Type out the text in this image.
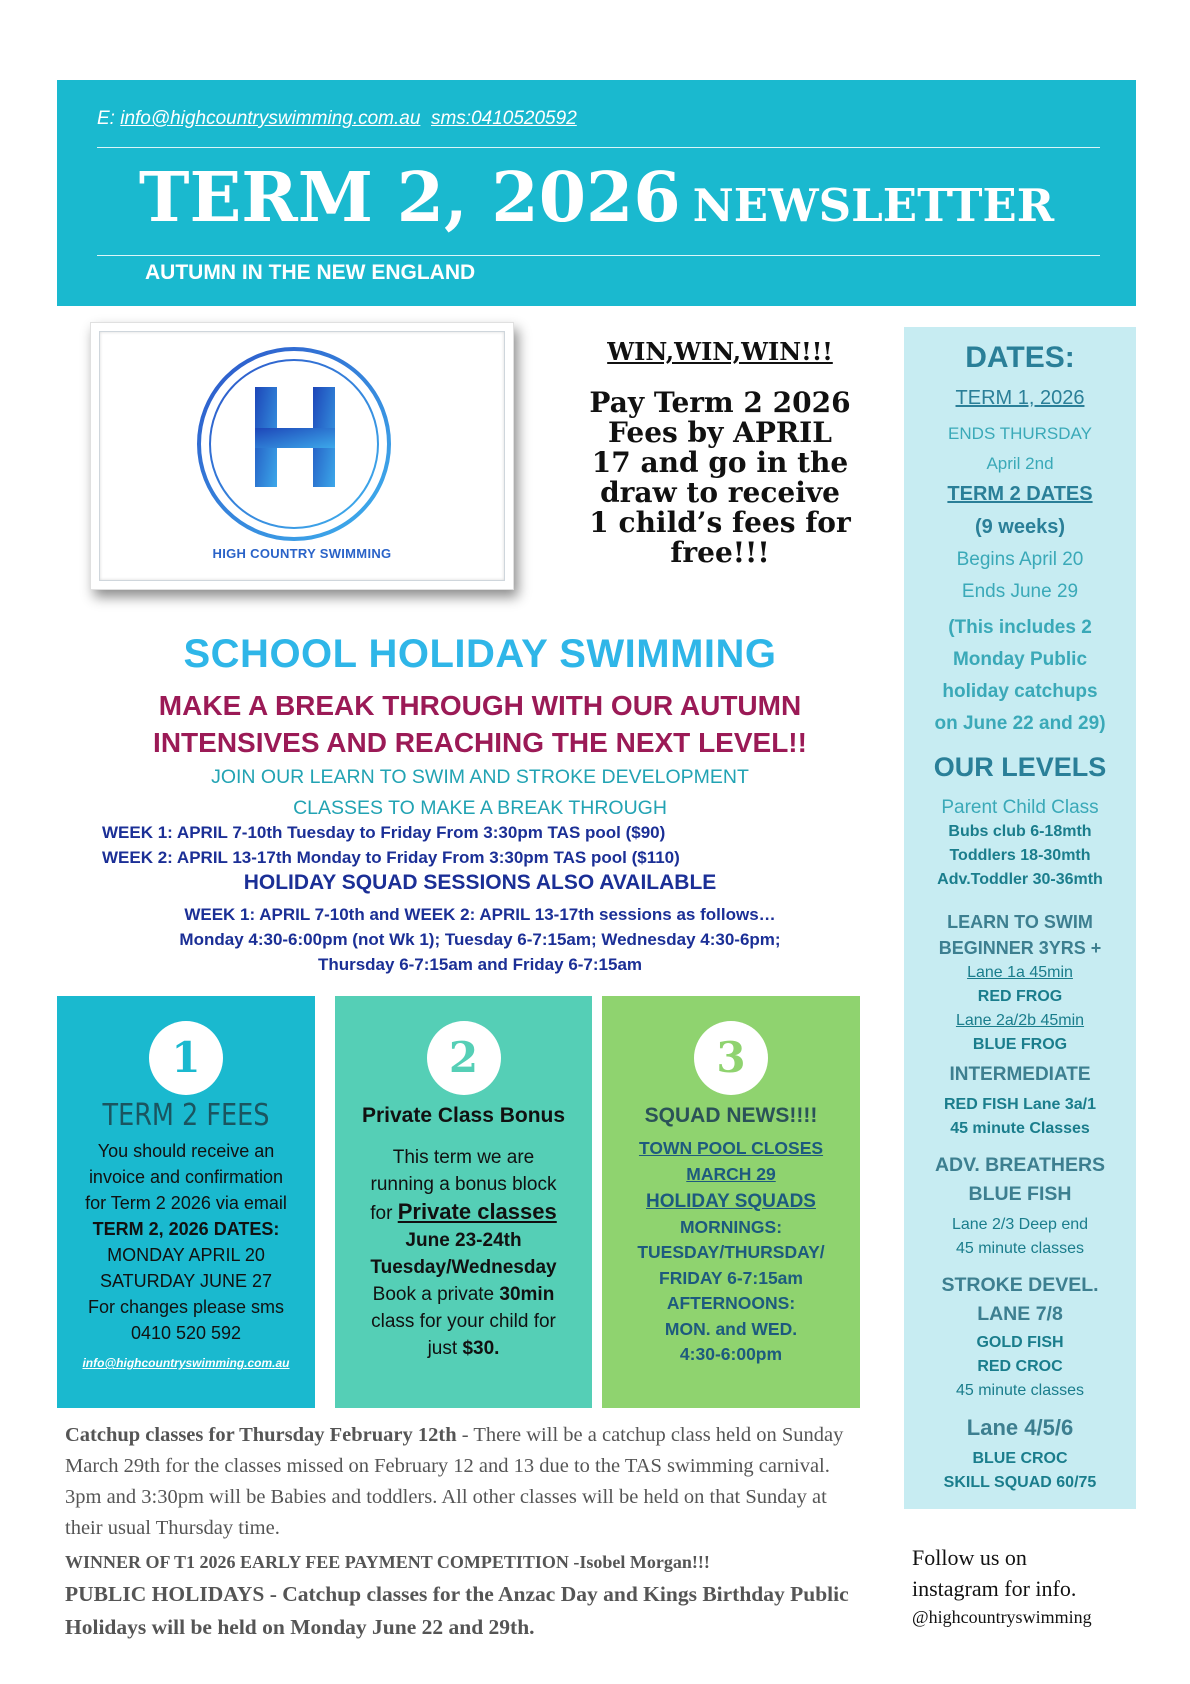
E: info@highcountryswimming.com.au sms:0410520592
TERM 2, 2026 NEWSLETTER
AUTUMN IN THE NEW ENGLAND
HIGH COUNTRY SWIMMING
WIN,WIN,WIN!!!
Pay Term 2 2026
Fees by APRIL
17 and go in the
draw to receive
1 child’s fees for
free!!!
SCHOOL HOLIDAY SWIMMING
MAKE A BREAK THROUGH WITH OUR AUTUMN
INTENSIVES AND REACHING THE NEXT LEVEL!!
JOIN OUR LEARN TO SWIM AND STROKE DEVELOPMENT
CLASSES TO MAKE A BREAK THROUGH
WEEK 1: APRIL 7-10th Tuesday to Friday From 3:30pm TAS pool ($90)
WEEK 2: APRIL 13-17th Monday to Friday From 3:30pm TAS pool ($110)
HOLIDAY SQUAD SESSIONS ALSO AVAILABLE
WEEK 1: APRIL 7-10th and WEEK 2: APRIL 13-17th sessions as follows…
Monday 4:30-6:00pm (not Wk 1); Tuesday 6-7:15am; Wednesday 4:30-6pm;
Thursday 6-7:15am and Friday 6-7:15am
1
TERM 2 FEES
You should receive an
invoice and confirmation
for Term 2 2026 via email
TERM 2, 2026 DATES:
MONDAY APRIL 20
SATURDAY JUNE 27
For changes please sms
0410 520 592
info@highcountryswimming.com.au
2
Private Class Bonus
This term we are
running a bonus block
for Private classes
June 23-24th
Tuesday/Wednesday
Book a private 30min
class for your child for
just $30.
3
SQUAD NEWS!!!!
TOWN POOL CLOSES
MARCH 29
HOLIDAY SQUADS
MORNINGS:
TUESDAY/THURSDAY/
FRIDAY 6-7:15am
AFTERNOONS:
MON. and WED.
4:30-6:00pm
Catchup classes for Thursday February 12th - There will be a catchup class held on Sunday March 29th for the classes missed on February 12 and 13 due to the TAS swimming carnival. 3pm and 3:30pm will be Babies and toddlers. All other classes will be held on that Sunday at their usual Thursday time.
WINNER OF T1 2026 EARLY FEE PAYMENT COMPETITION -Isobel Morgan!!!
PUBLIC HOLIDAYS - Catchup classes for the Anzac Day and Kings Birthday Public Holidays will be held on Monday June 22 and 29th.
DATES:
TERM 1, 2026
ENDS THURSDAY
April 2nd
TERM 2 DATES
(9 weeks)
Begins April 20
Ends June 29
(This includes 2
Monday Public
holiday catchups
on June 22 and 29)
OUR LEVELS
Parent Child Class
Bubs club 6-18mth
Toddlers 18-30mth
Adv.Toddler 30-36mth
LEARN TO SWIM
BEGINNER 3YRS +
Lane 1a 45min
RED FROG
Lane 2a/2b 45min
BLUE FROG
INTERMEDIATE
RED FISH Lane 3a/1
45 minute Classes
ADV. BREATHERS
BLUE FISH
Lane 2/3 Deep end
45 minute classes
STROKE DEVEL.
LANE 7/8
GOLD FISH
RED CROC
45 minute classes
Lane 4/5/6
BLUE CROC
SKILL SQUAD 60/75
Follow us on
instagram for info.
@highcountryswimming
